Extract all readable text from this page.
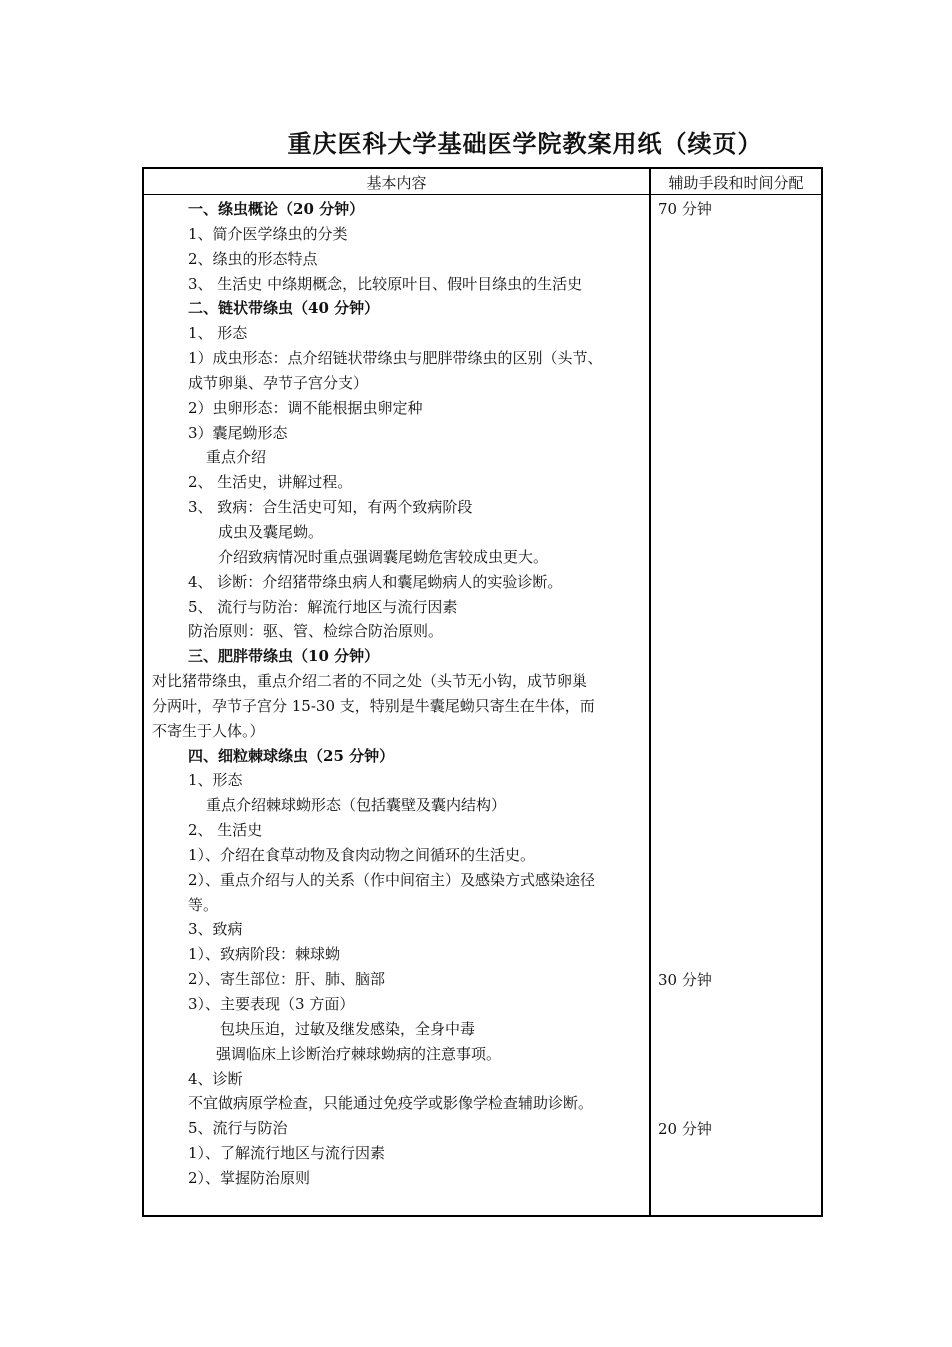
重庆医科大学基础医学院教案用纸（续页）
基本内容	辅助手段和时间分配
一、绦虫概论（20 分钟）
1、简介医学绦虫的分类
2、绦虫的形态特点
3、 生活史 中绦期概念，比较原叶目、假叶目绦虫的生活史
二、链状带绦虫（40 分钟）
1、 形态
1）成虫形态：点介绍链状带绦虫与肥胖带绦虫的区别（头节、
成节卵巢、孕节子宫分支）
2）虫卵形态：调不能根据虫卵定种
3）囊尾蚴形态
重点介绍
2、 生活史，讲解过程。
3、 致病：合生活史可知，有两个致病阶段
成虫及囊尾蚴。
介绍致病情况时重点强调囊尾蚴危害较成虫更大。
4、 诊断：介绍猪带绦虫病人和囊尾蚴病人的实验诊断。
5、 流行与防治：解流行地区与流行因素
防治原则：驱、管、检综合防治原则。
三、肥胖带绦虫（10 分钟）
对比猪带绦虫，重点介绍二者的不同之处（头节无小钩，成节卵巢
分两叶，孕节子宫分 15-30 支，特别是牛囊尾蚴只寄生在牛体，而
不寄生于人体。）
四、细粒棘球绦虫（25 分钟）
1、形态
重点介绍棘球蚴形态（包括囊壁及囊内结构）
2、 生活史
1）、介绍在食草动物及食肉动物之间循环的生活史。
2）、重点介绍与人的关系（作中间宿主）及感染方式感染途径
等。
3、致病
1）、致病阶段：棘球蚴
2）、寄生部位：肝、肺、脑部
3）、主要表现（3 方面）
包块压迫，过敏及继发感染，全身中毒
强调临床上诊断治疗棘球蚴病的注意事项。
4、诊断
不宜做病原学检查，只能通过免疫学或影像学检查辅助诊断。
5、流行与防治
1）、了解流行地区与流行因素
2）、掌握防治原则
70 分钟
30 分钟
20 分钟
